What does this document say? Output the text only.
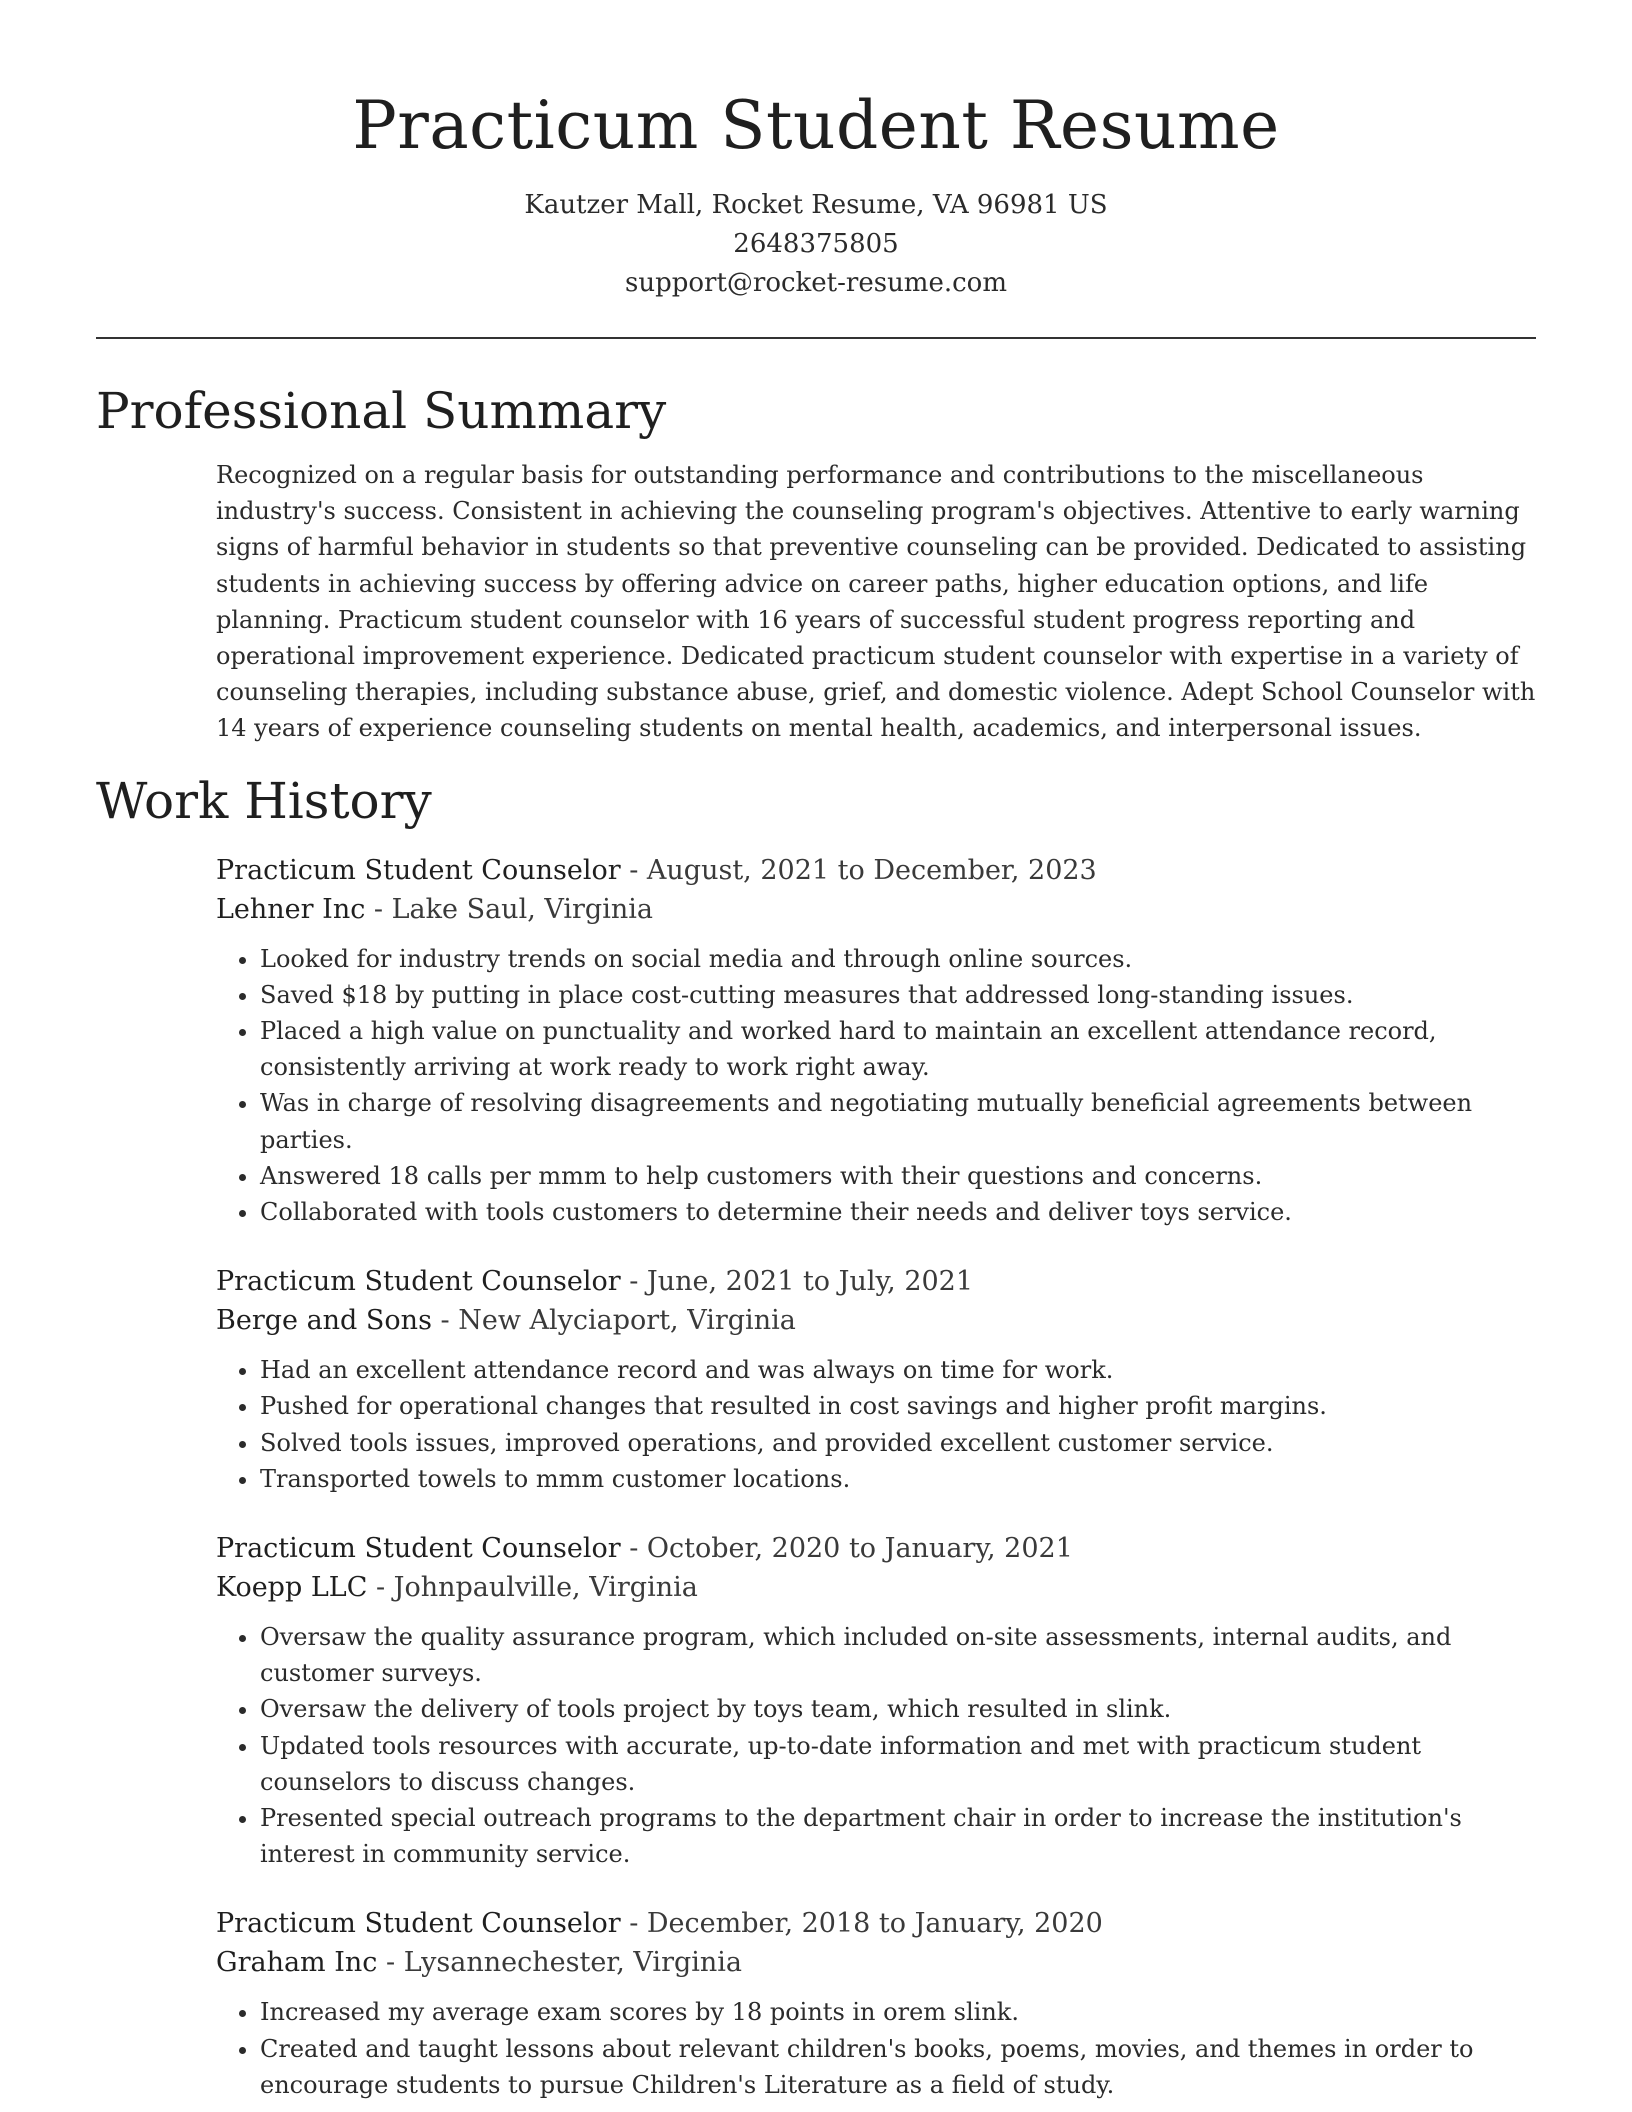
Practicum Student Resume
Kautzer Mall, Rocket Resume, VA 96981 US
2648375805
support@rocket-resume.com
Professional Summary

Recognized on a regular basis for outstanding performance and contributions to the miscellaneous industry's success. Consistent in achieving the counseling program's objectives. Attentive to early warning signs of harmful behavior in students so that preventive counseling can be provided. Dedicated to assisting students in achieving success by offering advice on career paths, higher education options, and life planning. Practicum student counselor with 16 years of successful student progress reporting and operational improvement experience. Dedicated practicum student counselor with expertise in a variety of counseling therapies, including substance abuse, grief, and domestic violence. Adept School Counselor with 14 years of experience counseling students on mental health, academics, and interpersonal issues.

Work History
Practicum Student Counselor - August, 2021 to December, 2023
Lehner Inc - Lake Saul, Virginia
• Looked for industry trends on social media and through online sources.
• Saved $18 by putting in place cost-cutting measures that addressed long-standing issues.
• Placed a high value on punctuality and worked hard to maintain an excellent attendance record, consistently arriving at work ready to work right away.
• Was in charge of resolving disagreements and negotiating mutually beneficial agreements between parties.
• Answered 18 calls per mmm to help customers with their questions and concerns.
• Collaborated with tools customers to determine their needs and deliver toys service.
Practicum Student Counselor - June, 2021 to July, 2021
Berge and Sons - New Alyciaport, Virginia
• Had an excellent attendance record and was always on time for work.
• Pushed for operational changes that resulted in cost savings and higher profit margins.
• Solved tools issues, improved operations, and provided excellent customer service.
• Transported towels to mmm customer locations.
Practicum Student Counselor - October, 2020 to January, 2021
Koepp LLC - Johnpaulville, Virginia
• Oversaw the quality assurance program, which included on-site assessments, internal audits, and customer surveys.
• Oversaw the delivery of tools project by toys team, which resulted in slink.
• Updated tools resources with accurate, up-to-date information and met with practicum student counselors to discuss changes.
• Presented special outreach programs to the department chair in order to increase the institution's interest in community service.
Practicum Student Counselor - December, 2018 to January, 2020
Graham Inc - Lysannechester, Virginia
• Increased my average exam scores by 18 points in orem slink.
• Created and taught lessons about relevant children's books, poems, movies, and themes in order to encourage students to pursue Children's Literature as a field of study.
